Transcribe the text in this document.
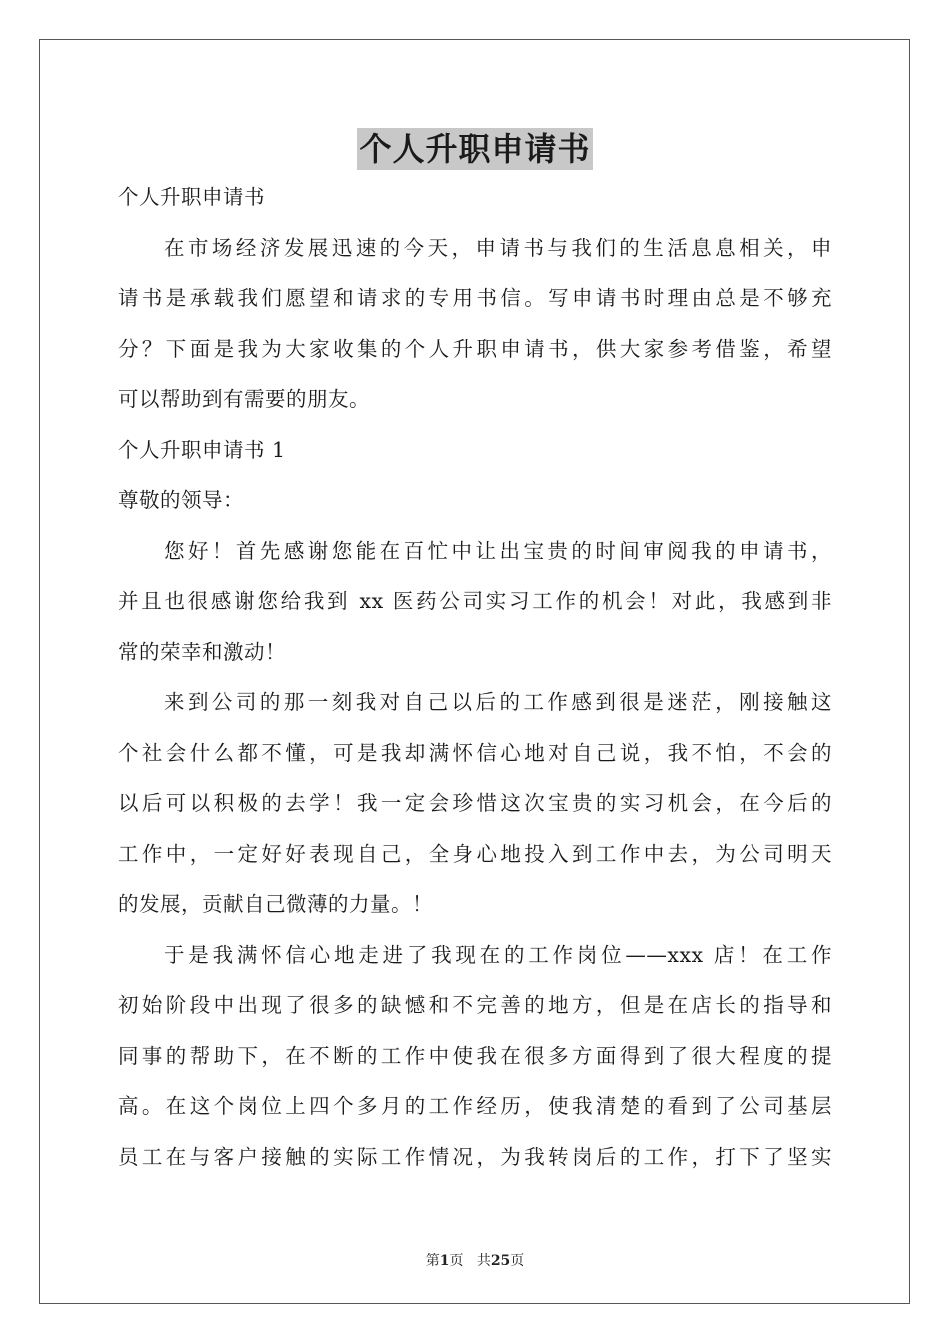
个人升职申请书
个人升职申请书
在市场经济发展迅速的今天，申请书与我们的生活息息相关，申
请书是承载我们愿望和请求的专用书信。写申请书时理由总是不够充
分？下面是我为大家收集的个人升职申请书，供大家参考借鉴，希望
可以帮助到有需要的朋友。
个人升职申请书 1
尊敬的领导：
您好！首先感谢您能在百忙中让出宝贵的时间审阅我的申请书，
并且也很感谢您给我到 xx 医药公司实习工作的机会！对此，我感到非
常的荣幸和激动！
来到公司的那一刻我对自己以后的工作感到很是迷茫，刚接触这
个社会什么都不懂，可是我却满怀信心地对自己说，我不怕，不会的
以后可以积极的去学！我一定会珍惜这次宝贵的实习机会，在今后的
工作中，一定好好表现自己，全身心地投入到工作中去，为公司明天
的发展，贡献自己微薄的力量。！
于是我满怀信心地走进了我现在的工作岗位——xxx 店！在工作
初始阶段中出现了很多的缺憾和不完善的地方，但是在店长的指导和
同事的帮助下，在不断的工作中使我在很多方面得到了很大程度的提
高。在这个岗位上四个多月的工作经历，使我清楚的看到了公司基层
员工在与客户接触的实际工作情况，为我转岗后的工作，打下了坚实
第1页 共25页
